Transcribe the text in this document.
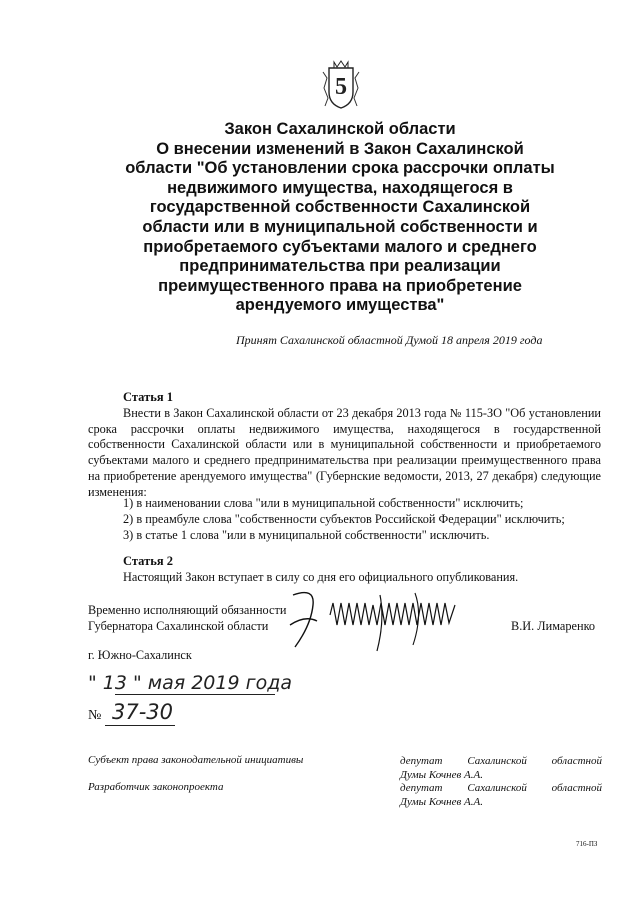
5
Закон Сахалинской области
О внесении изменений в Закон Сахалинской
области "Об установлении срока рассрочки оплаты
недвижимого имущества, находящегося в
государственной собственности Сахалинской
области или в муниципальной собственности и
приобретаемого субъектами малого и среднего
предпринимательства при реализации
преимущественного права на приобретение
арендуемого имущества"
Принят Сахалинской областной Думой 18 апреля 2019 года
Статья 1
Внести в Закон Сахалинской области от 23 декабря 2013 года № 115-ЗО "Об установлении срока рассрочки оплаты недвижимого имущества, находящегося в государственной собственности Сахалинской области или в муниципальной собственности и приобретаемого субъектами малого и среднего предпринимательства при реализации преимущественного права на приобретение арендуемого имущества" (Губернские ведомости, 2013, 27 декабря) следующие изменения:
1) в наименовании слова "или в муниципальной собственности" исключить;
2) в преамбуле слова "собственности субъектов Российской Федерации" исключить;
3) в статье 1 слова "или в муниципальной собственности" исключить.
Статья 2
Настоящий Закон вступает в силу со дня его официального опубликования.
Временно исполняющий обязанности
Губернатора Сахалинской области	В.И. Лимаренко
г. Южно-Сахалинск
" 13 " мая 2019 года
№ 37-30
Субъект права законодательной инициативы	депутат Сахалинской областной
Думы Кочнев А.А.
Разработчик законопроекта	депутат Сахалинской областной
Думы Кочнев А.А.
716-ПЗ
